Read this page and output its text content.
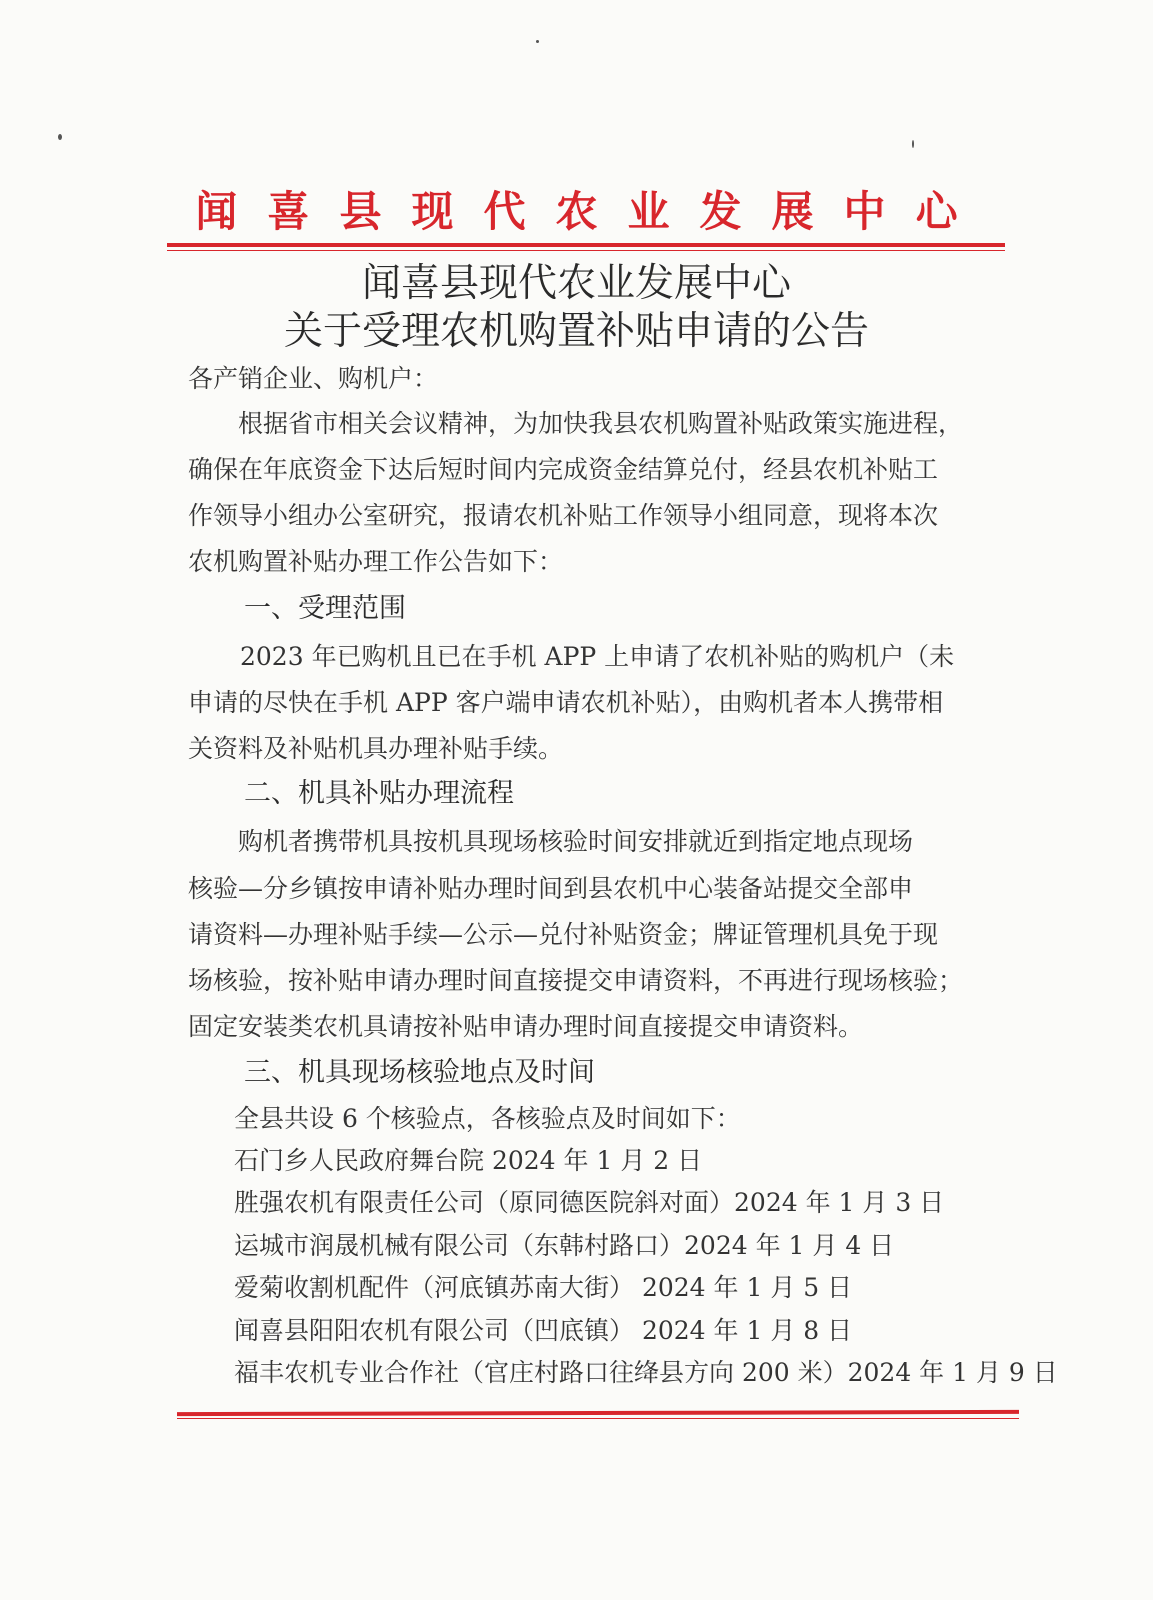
闻 喜 县 现 代 农 业 发 展 中 心
闻喜县现代农业发展中心
关于受理农机购置补贴申请的公告
各产销企业、购机户：
根据省市相关会议精神，为加快我县农机购置补贴政策实施进程，
确保在年底资金下达后短时间内完成资金结算兑付，经县农机补贴工
作领导小组办公室研究，报请农机补贴工作领导小组同意，现将本次
农机购置补贴办理工作公告如下：
一、受理范围
2023 年已购机且已在手机 APP 上申请了农机补贴的购机户（未
申请的尽快在手机 APP 客户端申请农机补贴），由购机者本人携带相
关资料及补贴机具办理补贴手续。
二、机具补贴办理流程
购机者携带机具按机具现场核验时间安排就近到指定地点现场
核验—分乡镇按申请补贴办理时间到县农机中心装备站提交全部申
请资料—办理补贴手续—公示—兑付补贴资金；牌证管理机具免于现
场核验，按补贴申请办理时间直接提交申请资料，不再进行现场核验；
固定安装类农机具请按补贴申请办理时间直接提交申请资料。
三、机具现场核验地点及时间
全县共设 6 个核验点，各核验点及时间如下：
石门乡人民政府舞台院 2024 年 1 月 2 日
胜强农机有限责任公司（原同德医院斜对面）2024 年 1 月 3 日
运城市润晟机械有限公司（东韩村路口）2024 年 1 月 4 日
爱菊收割机配件（河底镇苏南大街） 2024 年 1 月 5 日
闻喜县阳阳农机有限公司（凹底镇） 2024 年 1 月 8 日
福丰农机专业合作社（官庄村路口往绛县方向 200 米）2024 年 1 月 9 日
